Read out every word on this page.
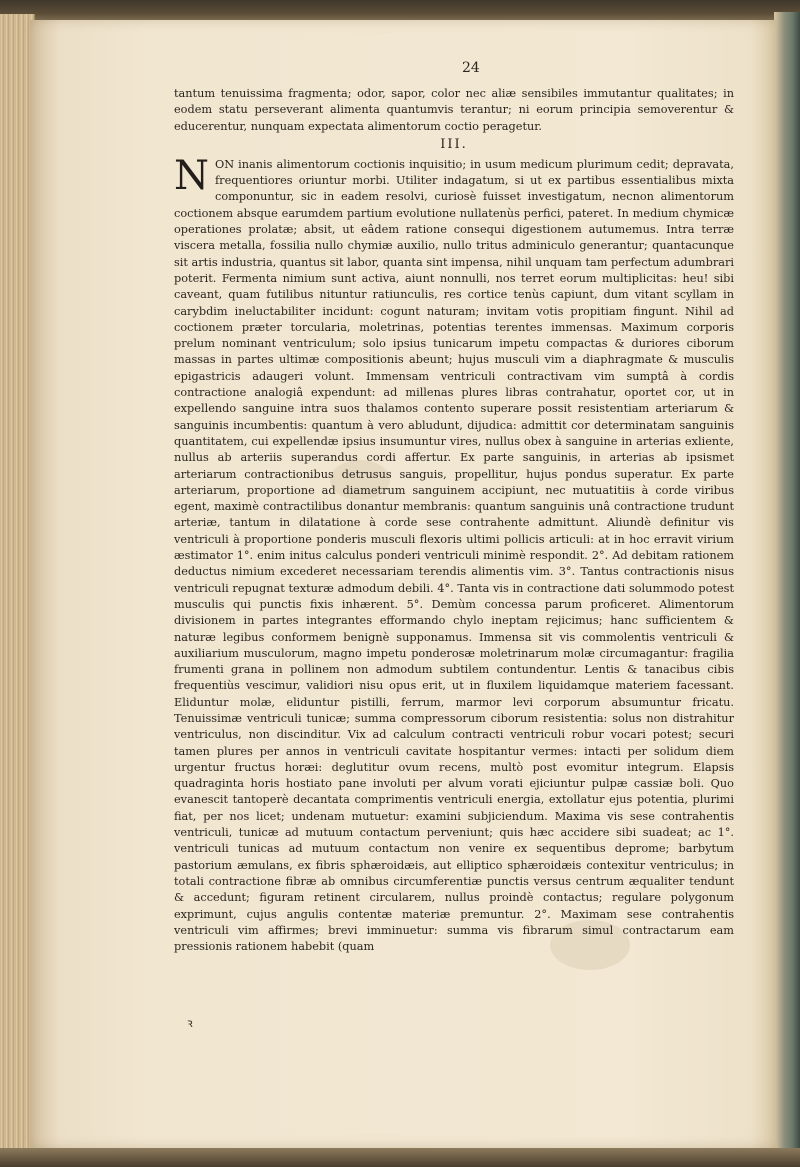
24

tantum tenuissima fragmenta; odor, sapor, color nec aliæ sensibiles immutantur qualitates; in eodem statu perseverant alimenta quantumvis terantur; ni eorum principia semoverentur & educerentur, nunquam expectata alimentorum coctio peragetur.

III.

NON inanis alimentorum coctionis inquisitio; in usum medicum plurimum cedit; depravata, frequentiores oriuntur morbi. Utiliter indagatum, si ut ex partibus essentialibus mixta componuntur, sic in eadem resolvi, curiosè fuisset investigatum, necnon alimentorum coctionem absque earumdem partium evolutione nullatenùs perfici, pateret. In medium chymicæ operationes prolatæ; absit, ut eâdem ratione consequi digestionem autumemus. Intra terræ viscera metalla, fossilia nullo chymiæ auxilio, nullo tritus adminiculo generantur; quantacunque sit artis industria, quantus sit labor, quanta sint impensa, nihil unquam tam perfectum adumbrari poterit. Fermenta nimium sunt activa, aiunt nonnulli, nos terret eorum multiplicitas: heu! sibi caveant, quam futilibus nituntur ratiunculis, res cortice tenùs capiunt, dum vitant scyllam in carybdim ineluctabiliter incidunt: cogunt naturam; invitam votis propitiam fingunt. Nihil ad coctionem præter torcularia, moletrinas, potentias terentes immensas. Maximum corporis prelum nominant ventriculum; solo ipsius tunicarum impetu compactas & duriores ciborum massas in partes ultimæ compositionis abeunt; hujus musculi vim a diaphragmate & musculis epigastricis adaugeri volunt. Immensam ventriculi contractivam vim sumptâ à cordis contractione analogiâ expendunt: ad millenas plures libras contrahatur, oportet cor, ut in expellendo sanguine intra suos thalamos contento superare possit resistentiam arteriarum & sanguinis incumbentis: quantum à vero abludunt, dijudica: admittit cor determinatam sanguinis quantitatem, cui expellendæ ipsius insumuntur vires, nullus obex à sanguine in arterias exliente, nullus ab arteriis superandus cordi affertur. Ex parte sanguinis, in arterias ab ipsismet arteriarum contractionibus detrusus sanguis, propellitur, hujus pondus superatur. Ex parte arteriarum, proportione ad diametrum sanguinem accipiunt, nec mutuatitiis à corde viribus egent, maximè contractilibus donantur membranis: quantum sanguinis unâ contractione trudunt arteriæ, tantum in dilatatione à corde sese contrahente admittunt. Aliundè definitur vis ventriculi à proportione ponderis musculi flexoris ultimi pollicis articuli: at in hoc erravit virium æstimator 1°. enim initus calculus ponderi ventriculi minimè respondit. 2°. Ad debitam rationem deductus nimium excederet necessariam terendis alimentis vim. 3°. Tantus contractionis nisus ventriculi repugnat texturæ admodum debili. 4°. Tanta vis in contractione dati solummodo potest musculis qui punctis fixis inhærent. 5°. Demùm concessa parum proficeret. Alimentorum divisionem in partes integrantes efformando chylo ineptam rejicimus; hanc sufficientem & naturæ legibus conformem benignè supponamus. Immensa sit vis commolentis ventriculi & auxiliarium musculorum, magno impetu ponderosæ moletrinarum molæ circumagantur: fragilia frumenti grana in pollinem non admodum subtilem contundentur. Lentis & tanacibus cibis frequentiùs vescimur, validiori nisu opus erit, ut in fluxilem liquidamque materiem facessant. Eliduntur molæ, eliduntur pistilli, ferrum, marmor levi corporum absumuntur fricatu. Tenuissimæ ventriculi tunicæ; summa compressorum ciborum resistentia: solus non distrahitur ventriculus, non discinditur. Vix ad calculum contracti ventriculi robur vocari potest; securi tamen plures per annos in ventriculi cavitate hospitantur vermes: intacti per solidum diem urgentur fructus horæi: deglutitur ovum recens, multò post evomitur integrum. Elapsis quadraginta horis hostiato pane involuti per alvum vorati ejiciuntur pulpæ cassiæ boli. Quo evanescit tantoperè decantata comprimentis ventriculi energia, extollatur ejus potentia, plurimi fiat, per nos licet; undenam mutuetur: examini subjiciendum. Maxima vis sese contrahentis ventriculi, tunicæ ad mutuum contactum perveniunt; quis hæc accidere sibi suadeat; ac 1°. ventriculi tunicas ad mutuum contactum non venire ex sequentibus deprome; barbytum pastorium æmulans, ex fibris sphæroidæis, aut elliptico sphæroidæis contexitur ventriculus; in totali contractione fibræ ab omnibus circumferentiæ punctis versus centrum æqualiter tendunt & accedunt; figuram retinent circularem, nullus proindè contactus; regulare polygonum exprimunt, cujus angulis contentæ materiæ premuntur. 2°. Maximam sese contrahentis ventriculi vim affirmes; brevi imminuetur: summa vis fibrarum simul contractarum eam pressionis rationem habebit (quam

ꝛ
